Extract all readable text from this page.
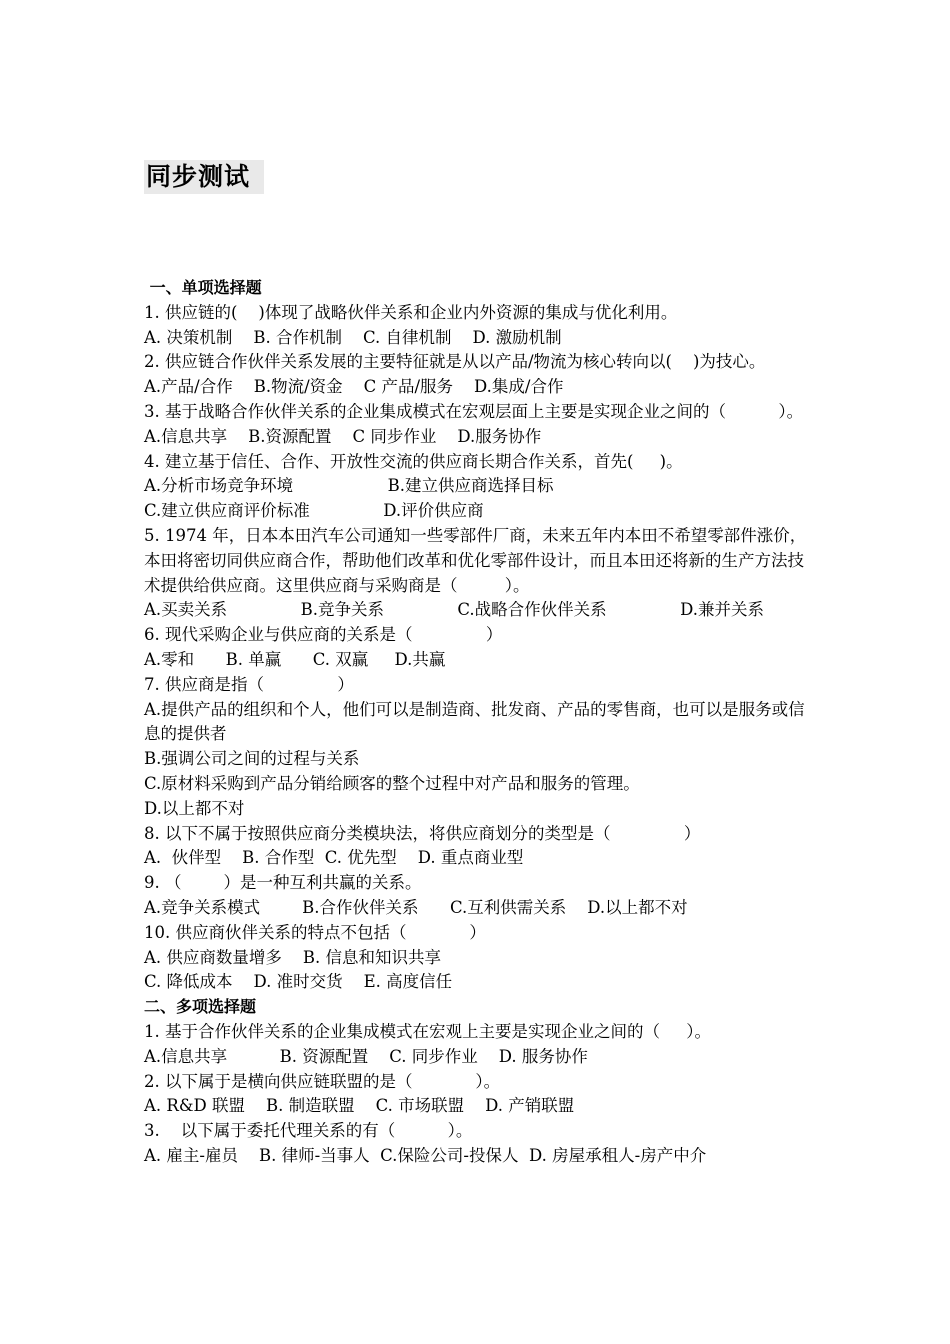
同步测试
一、单项选择题
1. 供应链的(    )体现了战略伙伴关系和企业内外资源的集成与优化利用。
A. 决策机制    B. 合作机制    C. 自律机制    D. 激励机制
2. 供应链合作伙伴关系发展的主要特征就是从以产品/物流为核心转向以(    )为技心。
A.产品/合作    B.物流/资金    C 产品/服务    D.集成/合作
3. 基于战略合作伙伴关系的企业集成模式在宏观层面上主要是实现企业之间的（          ）。
A.信息共享    B.资源配置    C 同步作业    D.服务协作
4. 建立基于信任、合作、开放性交流的供应商长期合作关系，首先(     )。
A.分析市场竞争环境                  B.建立供应商选择目标
C.建立供应商评价标准              D.评价供应商
5. 1974 年，日本本田汽车公司通知一些零部件厂商，未来五年内本田不希望零部件涨价，本田将密切同供应商合作，帮助他们改革和优化零部件设计，而且本田还将新的生产方法技术提供给供应商。这里供应商与采购商是（         ）。
A.买卖关系              B.竞争关系              C.战略合作伙伴关系              D.兼并关系
6. 现代采购企业与供应商的关系是（              ）
A.零和      B. 单赢      C. 双赢     D.共赢
7. 供应商是指（              ）
A.提供产品的组织和个人，他们可以是制造商、批发商、产品的零售商，也可以是服务或信息的提供者
B.强调公司之间的过程与关系
C.原材料采购到产品分销给顾客的整个过程中对产品和服务的管理。
D.以上都不对
8. 以下不属于按照供应商分类模块法，将供应商划分的类型是（              ）
A.  伙伴型    B. 合作型  C. 优先型    D. 重点商业型
9. （        ）是一种互利共赢的关系。
A.竞争关系模式        B.合作伙伴关系      C.互利供需关系    D.以上都不对
10. 供应商伙伴关系的特点不包括（            ）
A. 供应商数量增多    B. 信息和知识共享
C. 降低成本    D. 准时交货    E. 高度信任
二、多项选择题
1. 基于合作伙伴关系的企业集成模式在宏观上主要是实现企业之间的（     ）。
A.信息共享          B. 资源配置    C. 同步作业    D. 服务协作
2. 以下属于是横向供应链联盟的是（            ）。
A. R&D 联盟    B. 制造联盟    C. 市场联盟    D. 产销联盟
3.    以下属于委托代理关系的有（          ）。
A. 雇主-雇员    B. 律师-当事人  C.保险公司-投保人  D. 房屋承租人-房产中介
